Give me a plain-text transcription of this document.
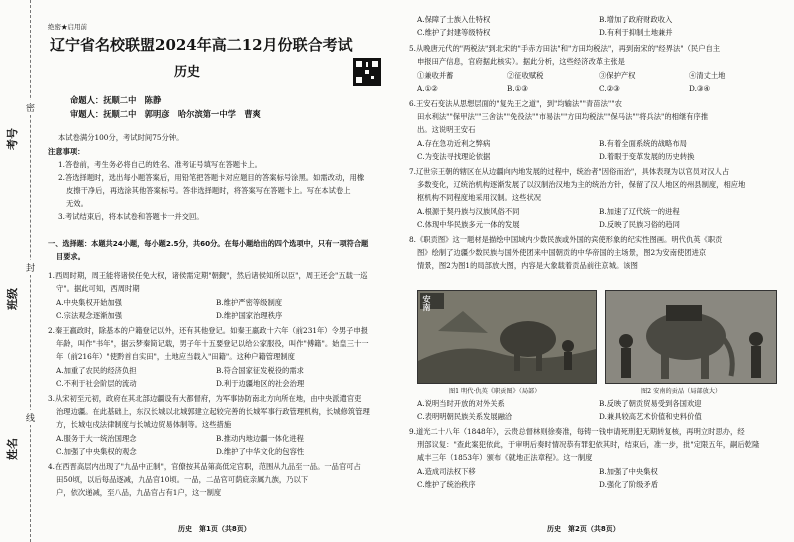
考号
班级
姓名
密
封
线
绝密★启用前
辽宁省名校联盟2024年高二12月份联合考试
历史
命题人：抚顺二中　陈静
审题人：抚顺二中　郭明彦　哈尔滨第一中学　曹爽
本试卷满分100分，考试时间75分钟。
注意事项：
1.答卷前，考生务必将自己的姓名、准考证号填写在答题卡上。
2.答选择题时，选出每小题答案后，用铅笔把答题卡对应题目的答案标号涂黑。如需改动，用橡
皮擦干净后，再选涂其他答案标号。答非选择题时，将答案写在答题卡上。写在本试卷上
无效。
3.考试结束后，将本试卷和答题卡一并交回。
一、选择题：本题共24小题，每小题2.5分，共60分。在每小题给出的四个选项中，只有一项符合题
目要求。
1.西周时期，周王能将诸侯任免大权，诸侯需定期"朝觐"，然后诸侯知所以臣"，周王还会"五载一巡
守"。据此可知，西周时期
A.中央集权开始加强	B.维护严密等级制度
C.宗法观念逐渐加强	D.维护国家治理秩序
2.秦王嬴政时，除基本的户籍登记以外，还有其他登记。如秦王嬴政十六年（前231年）令男子申报
年龄，叫作"书年"，据云梦秦简记载，男子年十五要登记以给公家服役，叫作"傅籍"。始皇三十一
年（前216年）"使黔首自实田"，土地应当载入"田籍"。这种户籍管理制度
A.加重了农民的经济负担	B.符合国家征发税役的需求
C.不利于社会阶层的流动	D.利于边疆地区的社会治理
3.从宋初至元初，政府在其北部边疆设有大都督府，为军事协防南北方向所在地，由中央派遣官吏
治理边疆。在此基础上，东汉长城以北城郭建立起较完善的长城军事行政管理机构，长城修筑管理
方，长城屯戍法律制度与长城边贸易体制等。这些措施
A.服务于大一统治国理念	B.推动内地边疆一体化进程
C.加强了中央集权的观念	D.维护了中华文化的包容性
4.在西晋高层内出现了"九品中正制"，官僚按其品第高低定官职，范围从九品至一品。一品官可占
田50顷，以后每品逐减，九品官10顷。一品，二品官可荫庇亲属九族，乃以下
户，依次递减，至八品，九品官占有1户，这一制度
历史　第1页（共8页）
A.保障了士族入仕特权	B.增加了政府财政收入
C.维护了封建等级特权	D.有利于抑制土地兼并
5.从晚唐元代的"两税法"到北宋的"手赤方田法"和"方田均税法"，再到南宋的"经界法"（民户自主
申报田产信息，官府据此核实）。据此分析，这些经济改革主张是
①兼收并蓄	②征收赋税	③保护产权	④清丈土地
A.①②	B.①③	C.②③	D.③④
6.王安石变法从思想层面的"复先王之道"，到"均输法""青苗法""农
田水利法""保甲法""三舍法""免役法""市易法""方田均税法""保马法""将兵法"的相继有序推
出。这说明王安石
A.存在急功近利之弊病	B.有着全面系统的战略布局
C.为变法寻找理论依据	D.着眼于变革发展的历史转换
7.辽世宗王朝的辖区在从边疆向内地发展的过程中，统治者"因俗而治"，具体表现为以官员对汉人占
多数变化，辽统治机构逐渐发展了以汉制治汉地为主的统治方针，保留了汉人地区的州县制度，相应地
枢机构不同程度地采用汉制。这些状况
A.根源于契丹族与汉族风俗不同	B.加速了辽代统一的进程
C.体现中华民族多元一体的发展	D.反映了民族习俗的趋同
8.《职贡图》这一题材是描绘中国域内少数民族或外国的宾使形象的纪实性图画。明代仇英《职贡
图》绘制了边疆少数民族与国外使团来中国朝贡的中华帝国的主场景，图2为安南使团进京
情景，图2为图1的局部放大图，内容是大象载着贡品前往京城。该图
安南
图1 明代·仇英《职贡图》（局部）	图2 安南的贡品（局部放大）
A.说明当时开放的对外关系	B.反映了朝贡贸易受到各国欢迎
C.表明明朝民族关系发展融洽	D.兼具较高艺术价值和史料价值
9.道光二十八年（1848年），云贵总督林则徐奏准，每铸一钱申请死刑犯无期转复核，再明立时思办，经
刑部议复："查此案犯依此，于审明后奏时情况恭有罪犯依其时，结束后，准一步，批"定限五年，嗣后乾隆
咸丰三年（1853年）颁布《就地正法章程》。这一制度
A.造成司法权下移	B.加强了中央集权
C.维护了统治秩序	D.强化了阶级矛盾
历史　第2页（共8页）
